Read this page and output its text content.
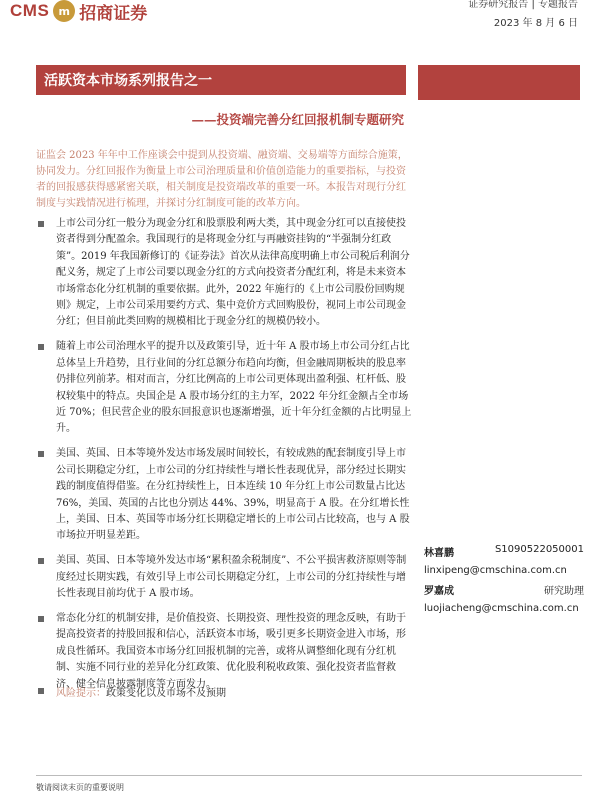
CMS m 招商证券	证券研究报告 | 专题报告
2023 年 8 月 6 日
活跃资本市场系列报告之一
——投资端完善分红回报机制专题研究

证监会 2023 年年中工作座谈会中提到从投资端、融资端、交易端等方面综合施策，协同发力。分红回报作为衡量上市公司治理质量和价值创造能力的重要指标，与投资者的回报感获得感紧密关联，相关制度是投资端改革的重要一环。本报告对现行分红制度与实践情况进行梳理，并探讨分红制度可能的改革方向。

上市公司分红一般分为现金分红和股票股利两大类，其中现金分红可以直接使投资者得到分配盈余。我国现行的是将现金分红与再融资挂钩的“半强制分红政策”。2019 年我国新修订的《证券法》首次从法律高度明确上市公司税后利润分配义务，规定了上市公司要以现金分红的方式向投资者分配红利，将是未来资本市场常态化分红机制的重要依据。此外，2022 年施行的《上市公司股份回购规则》规定，上市公司采用要约方式、集中竞价方式回购股份，视同上市公司现金分红；但目前此类回购的规模相比于现金分红的规模仍较小。
随着上市公司治理水平的提升以及政策引导，近十年 A 股市场上市公司分红占比总体呈上升趋势，且行业间的分红总额分布趋向均衡，但金融周期板块的股息率仍排位列前茅。相对而言，分红比例高的上市公司更体现出盈利强、杠杆低、股权较集中的特点。央国企是 A 股市场分红的主力军，2022 年分红金额占全市场近 70%；但民营企业的股东回报意识也逐渐增强，近十年分红金额的占比明显上升。
美国、英国、日本等境外发达市场发展时间较长，有较成熟的配套制度引导上市公司长期稳定分红，上市公司的分红持续性与增长性表现优异，部分经过长期实践的制度值得借鉴。在分红持续性上，日本连续 10 年分红上市公司数量占比达 76%，美国、英国的占比也分别达 44%、39%，明显高于 A 股。在分红增长性上，美国、日本、英国等市场分红长期稳定增长的上市公司占比较高，也与 A 股市场拉开明显差距。
美国、英国、日本等境外发达市场“累积盈余税制度”、不公平损害救济原则等制度经过长期实践，有效引导上市公司长期稳定分红，上市公司的分红持续性与增长性表现目前均优于 A 股市场。
常态化分红的机制安排，是价值投资、长期投资、理性投资的理念反映，有助于提高投资者的持股回报和信心，活跃资本市场，吸引更多长期资金进入市场，形成良性循环。我国资本市场分红回报机制的完善，或将从调整细化现有分红机制、实施不同行业的差异化分红政策、优化股利税收政策、强化投资者监督救济、健全信息披露制度等方面发力。
风险提示：政策变化以及市场不及预期
林喜鹏	S1090522050001
linxipeng@cmschina.com.cn
罗嘉成	研究助理
luojiacheng@cmschina.com.cn
敬请阅读末页的重要说明
